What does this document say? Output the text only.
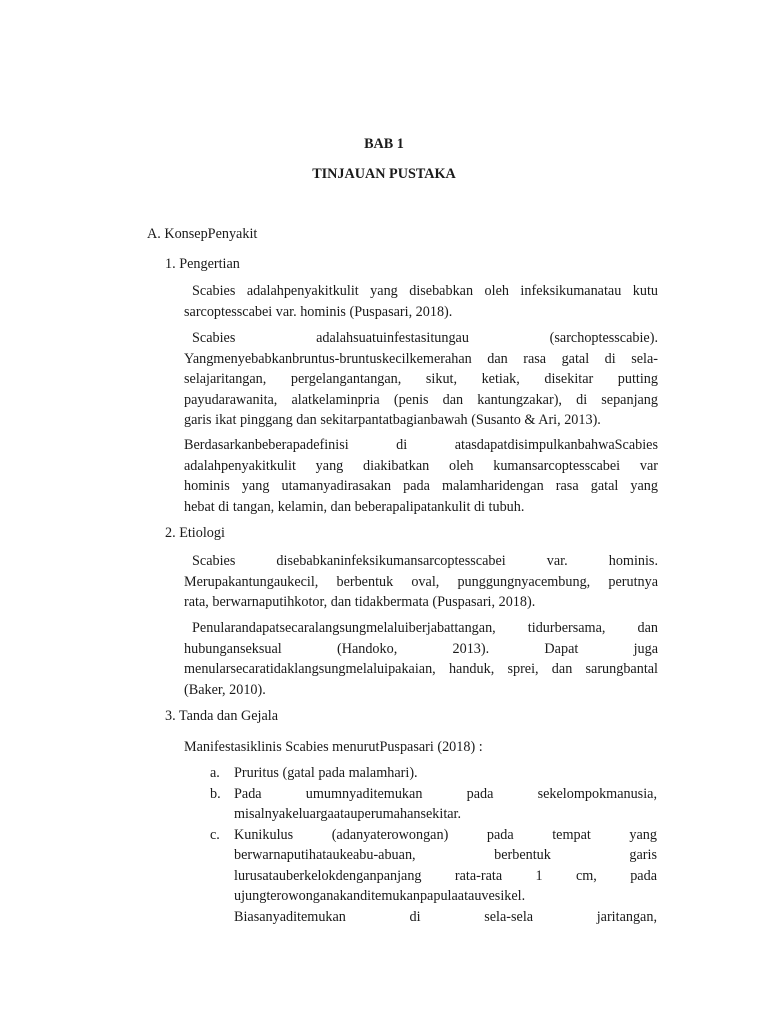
BAB 1
TINJAUAN PUSTAKA
A. KonsepPenyakit
1. Pengertian
Scabies adalahpenyakitkulit yang disebabkan oleh infeksikumanatau kutu
sarcoptesscabei var. hominis (Puspasari, 2018).
Scabies adalahsuatuinfestasitungau (sarchoptesscabie).
Yangmenyebabkanbruntus-bruntuskecilkemerahan dan rasa gatal di sela-
selajaritangan, pergelangantangan, sikut, ketiak, disekitar putting
payudarawanita, alatkelaminpria (penis dan kantungzakar), di sepanjang
garis ikat pinggang dan sekitarpantatbagianbawah (Susanto & Ari, 2013).
Berdasarkanbeberapadefinisi di atasdapatdisimpulkanbahwaScabies
adalahpenyakitkulit yang diakibatkan oleh kumansarcoptesscabei var
hominis yang utamanyadirasakan pada malamharidengan rasa gatal yang
hebat di tangan, kelamin, dan beberapalipatankulit di tubuh.
2. Etiologi
Scabies disebabkaninfeksikumansarcoptesscabei var. hominis.
Merupakantungaukecil, berbentuk oval, punggungnyacembung, perutnya
rata, berwarnaputihkotor, dan tidakbermata (Puspasari, 2018).
Penularandapatsecaralangsungmelaluiberjabattangan, tidurbersama, dan
hubunganseksual (Handoko, 2013). Dapat juga
menularsecaratidaklangsungmelaluipakaian, handuk, sprei, dan sarungbantal
(Baker, 2010).
3. Tanda dan Gejala
Manifestasiklinis Scabies menurutPuspasari (2018) :
a. Pruritus (gatal pada malamhari).
b. Pada umumnyaditemukan pada sekelompokmanusia,
misalnyakeluargaatauperumahansekitar.
c. Kunikulus (adanyaterowongan) pada tempat yang
berwarnaputihataukeabu-abuan, berbentuk garis
lurusatauberkelokdenganpanjang rata-rata 1 cm, pada
ujungterowonganakanditemukanpapulaatauvesikel.
Biasanyaditemukan di sela-sela jaritangan,
